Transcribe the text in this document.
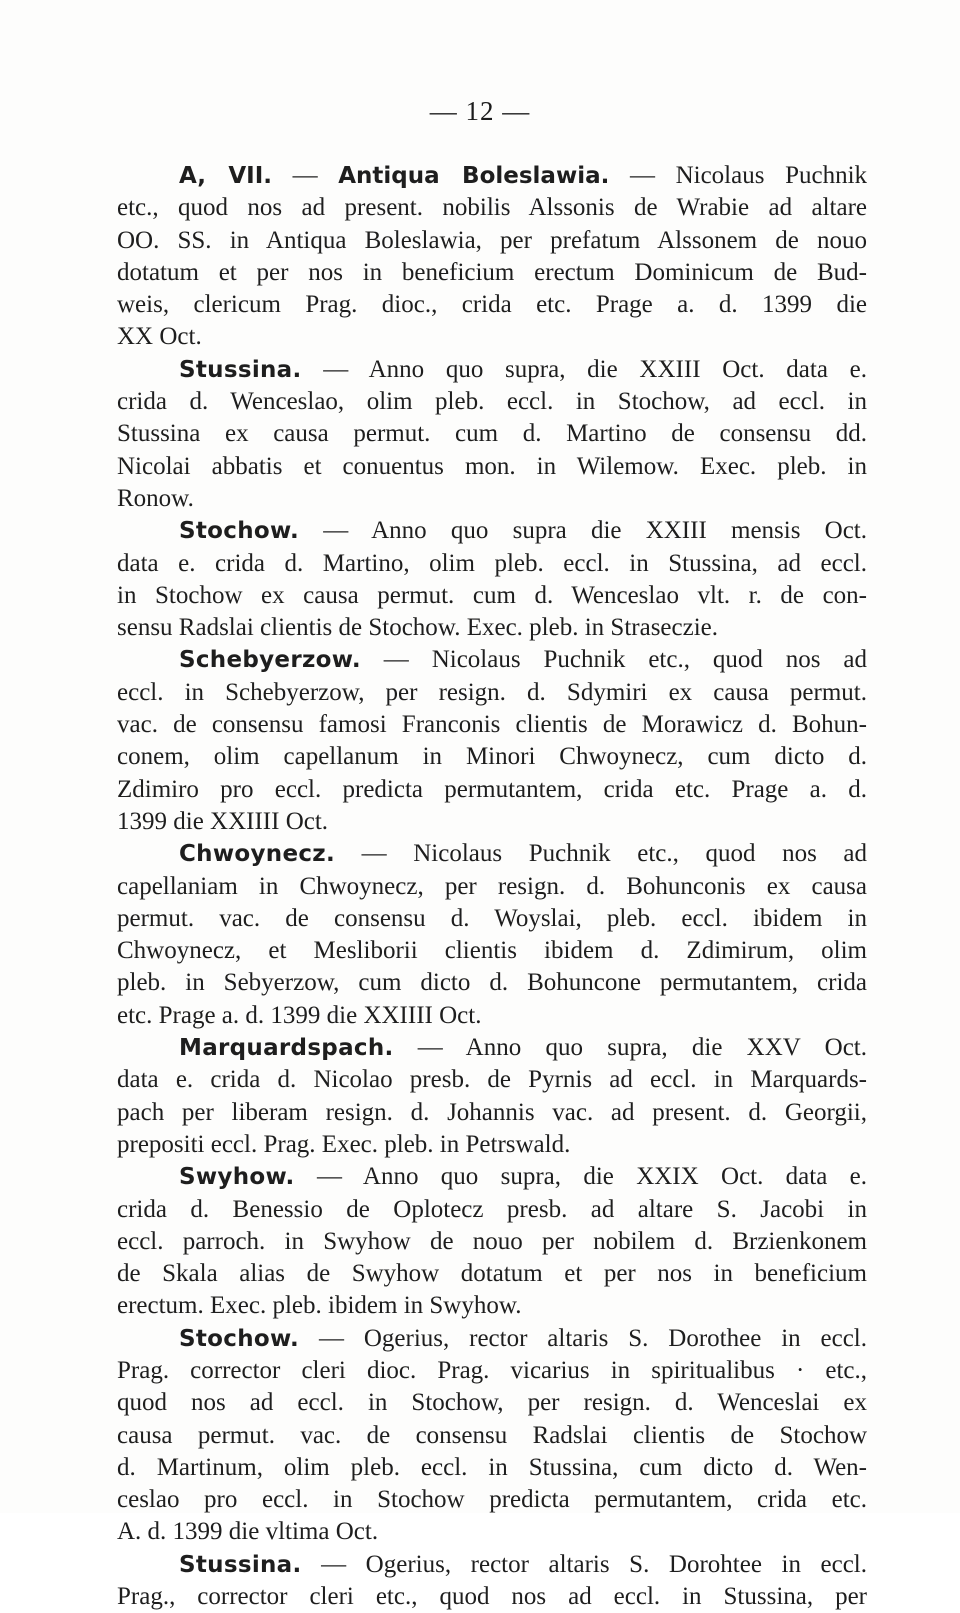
— 12 —
A, VII. — Antiqua Boleslawia. — Nicolaus Puchnik
etc., quod nos ad present. nobilis Alssonis de Wrabie ad altare
OO. SS. in Antiqua Boleslawia, per prefatum Alssonem de nouo
dotatum et per nos in beneficium erectum Dominicum de Bud-
weis, clericum Prag. dioc., crida etc. Prage a. d. 1399 die
XX Oct.
Stussina. — Anno quo supra, die XXIII Oct. data e.
crida d. Wenceslao, olim pleb. eccl. in Stochow, ad eccl. in
Stussina ex causa permut. cum d. Martino de consensu dd.
Nicolai abbatis et conuentus mon. in Wilemow. Exec. pleb. in
Ronow.
Stochow. — Anno quo supra die XXIII mensis Oct.
data e. crida d. Martino, olim pleb. eccl. in Stussina, ad eccl.
in Stochow ex causa permut. cum d. Wenceslao vlt. r. de con-
sensu Radslai clientis de Stochow. Exec. pleb. in Straseczie.
Schebyerzow. — Nicolaus Puchnik etc., quod nos ad
eccl. in Schebyerzow, per resign. d. Sdymiri ex causa permut.
vac. de consensu famosi Franconis clientis de Morawicz d. Bohun-
conem, olim capellanum in Minori Chwoynecz, cum dicto d.
Zdimiro pro eccl. predicta permutantem, crida etc. Prage a. d.
1399 die XXIIII Oct.
Chwoynecz. — Nicolaus Puchnik etc., quod nos ad
capellaniam in Chwoynecz, per resign. d. Bohunconis ex causa
permut. vac. de consensu d. Woyslai, pleb. eccl. ibidem in
Chwoynecz, et Mesliborii clientis ibidem d. Zdimirum, olim
pleb. in Sebyerzow, cum dicto d. Bohuncone permutantem, crida
etc. Prage a. d. 1399 die XXIIII Oct.
Marquardspach. — Anno quo supra, die XXV Oct.
data e. crida d. Nicolao presb. de Pyrnis ad eccl. in Marquards-
pach per liberam resign. d. Johannis vac. ad present. d. Georgii,
prepositi eccl. Prag. Exec. pleb. in Petrswald.
Swyhow. — Anno quo supra, die XXIX Oct. data e.
crida d. Benessio de Oplotecz presb. ad altare S. Jacobi in
eccl. parroch. in Swyhow de nouo per nobilem d. Brzienkonem
de Skala alias de Swyhow dotatum et per nos in beneficium
erectum. Exec. pleb. ibidem in Swyhow.
Stochow. — Ogerius, rector altaris S. Dorothee in eccl.
Prag. corrector cleri dioc. Prag. vicarius in spiritualibus · etc.,
quod nos ad eccl. in Stochow, per resign. d. Wenceslai ex
causa permut. vac. de consensu Radslai clientis de Stochow
d. Martinum, olim pleb. eccl. in Stussina, cum dicto d. Wen-
ceslao pro eccl. in Stochow predicta permutantem, crida etc.
A. d. 1399 die vltima Oct.
Stussina. — Ogerius, rector altaris S. Dorohtee in eccl.
Prag., corrector cleri etc., quod nos ad eccl. in Stussina, per
